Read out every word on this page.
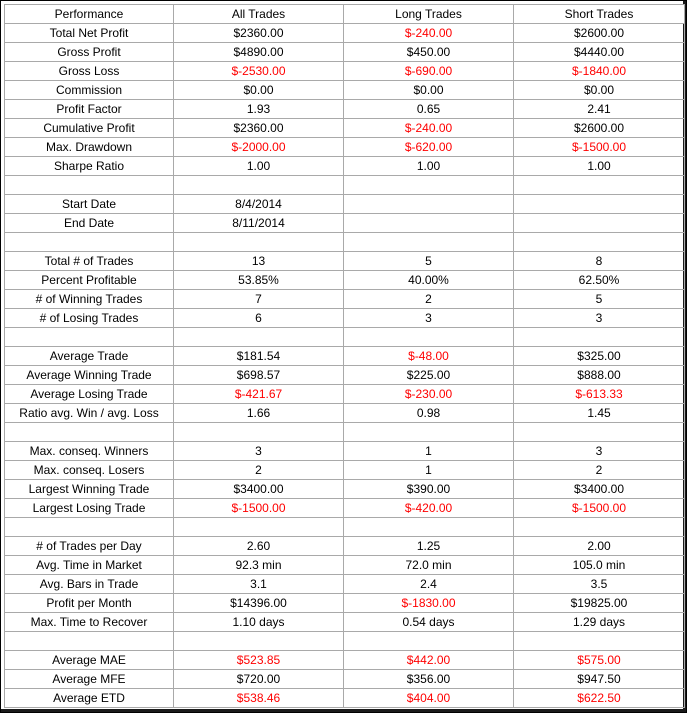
Performance	All Trades	Long Trades	Short Trades
Total Net Profit	$2360.00	$-240.00	$2600.00
Gross Profit	$4890.00	$450.00	$4440.00
Gross Loss	$-2530.00	$-690.00	$-1840.00
Commission	$0.00	$0.00	$0.00
Profit Factor	1.93	0.65	2.41
Cumulative Profit	$2360.00	$-240.00	$2600.00
Max. Drawdown	$-2000.00	$-620.00	$-1500.00
Sharpe Ratio	1.00	1.00	1.00

Start Date	8/4/2014		
End Date	8/11/2014		

Total # of Trades	13	5	8
Percent Profitable	53.85%	40.00%	62.50%
# of Winning Trades	7	2	5
# of Losing Trades	6	3	3

Average Trade	$181.54	$-48.00	$325.00
Average Winning Trade	$698.57	$225.00	$888.00
Average Losing Trade	$-421.67	$-230.00	$-613.33
Ratio avg. Win / avg. Loss	1.66	0.98	1.45

Max. conseq. Winners	3	1	3
Max. conseq. Losers	2	1	2
Largest Winning Trade	$3400.00	$390.00	$3400.00
Largest Losing Trade	$-1500.00	$-420.00	$-1500.00

# of Trades per Day	2.60	1.25	2.00
Avg. Time in Market	92.3 min	72.0 min	105.0 min
Avg. Bars in Trade	3.1	2.4	3.5
Profit per Month	$14396.00	$-1830.00	$19825.00
Max. Time to Recover	1.10 days	0.54 days	1.29 days

Average MAE	$523.85	$442.00	$575.00
Average MFE	$720.00	$356.00	$947.50
Average ETD	$538.46	$404.00	$622.50
